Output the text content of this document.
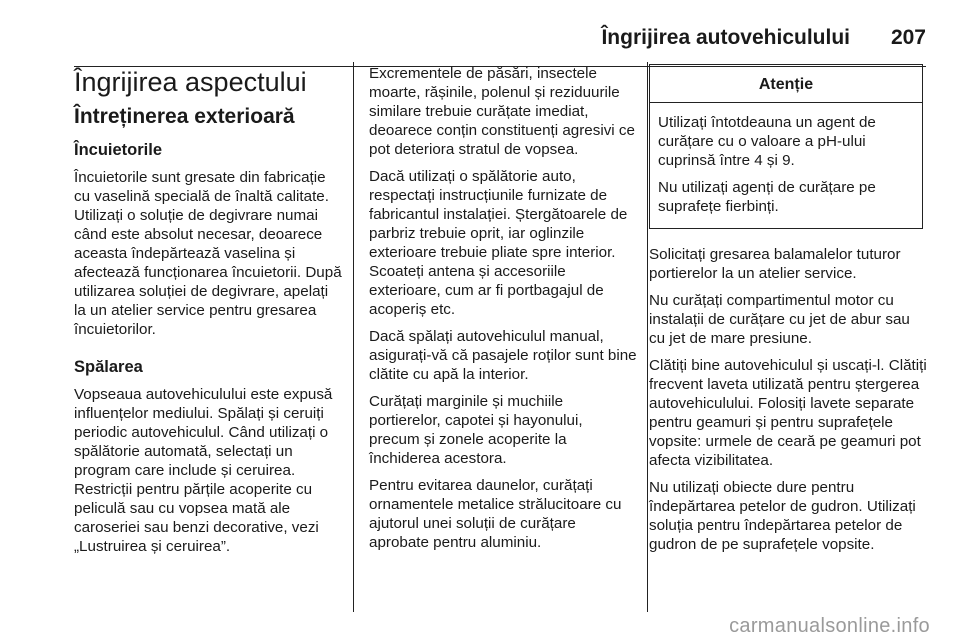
Îngrijirea autovehiculului 207
Îngrijirea aspectului
Întreținerea exterioară
Încuietorile

Încuietorile sunt gresate din fabricație cu vaselină specială de înaltă calitate. Utilizați o soluție de degivrare numai când este absolut necesar, deoarece aceasta îndepărtează vaselina și afectează funcționarea încuietorii. După utilizarea soluției de degivrare, apelați la un atelier service pentru gresarea încuietorilor.

Spălarea

Vopseaua autovehiculului este expusă influențelor mediului. Spălați și ceruiți periodic autovehiculul. Când utilizați o spălătorie automată, selectați un program care include și ceruirea. Restricții pentru părțile acoperite cu peliculă sau cu vopsea mată ale caroseriei sau benzi decorative, vezi „Lustruirea și ceruirea”.

Excrementele de păsări, insectele moarte, rășinile, polenul și reziduurile similare trebuie curățate imediat, deoarece conțin constituenți agresivi ce pot deteriora stratul de vopsea.

Dacă utilizați o spălătorie auto, respectați instrucțiunile furnizate de fabricantul instalației. Ștergătoarele de parbriz trebuie oprit, iar oglinzile exterioare trebuie pliate spre interior. Scoateți antena și accesoriile exterioare, cum ar fi portbagajul de acoperiș etc.

Dacă spălați autovehiculul manual, asigurați-vă că pasajele roților sunt bine clătite cu apă la interior.

Curățați marginile și muchiile portierelor, capotei și hayonului, precum și zonele acoperite la închiderea acestora.

Pentru evitarea daunelor, curățați ornamentele metalice strălucitoare cu ajutorul unei soluții de curățare aprobate pentru aluminiu.

Atenție

Utilizați întotdeauna un agent de curățare cu o valoare a pH-ului cuprinsă între 4 și 9.

Nu utilizați agenți de curățare pe suprafețe fierbinți.

Solicitați gresarea balamalelor tuturor portierelor la un atelier service.

Nu curățați compartimentul motor cu instalații de curățare cu jet de abur sau cu jet de mare presiune.

Clătiți bine autovehiculul și uscați-l. Clătiți frecvent laveta utilizată pentru ștergerea autovehiculului. Folosiți lavete separate pentru geamuri și pentru suprafețele vopsite: urmele de ceară pe geamuri pot afecta vizibilitatea.

Nu utilizați obiecte dure pentru îndepărtarea petelor de gudron. Utilizați soluția pentru îndepărtarea petelor de gudron de pe suprafețele vopsite.

carmanualsonline.info
